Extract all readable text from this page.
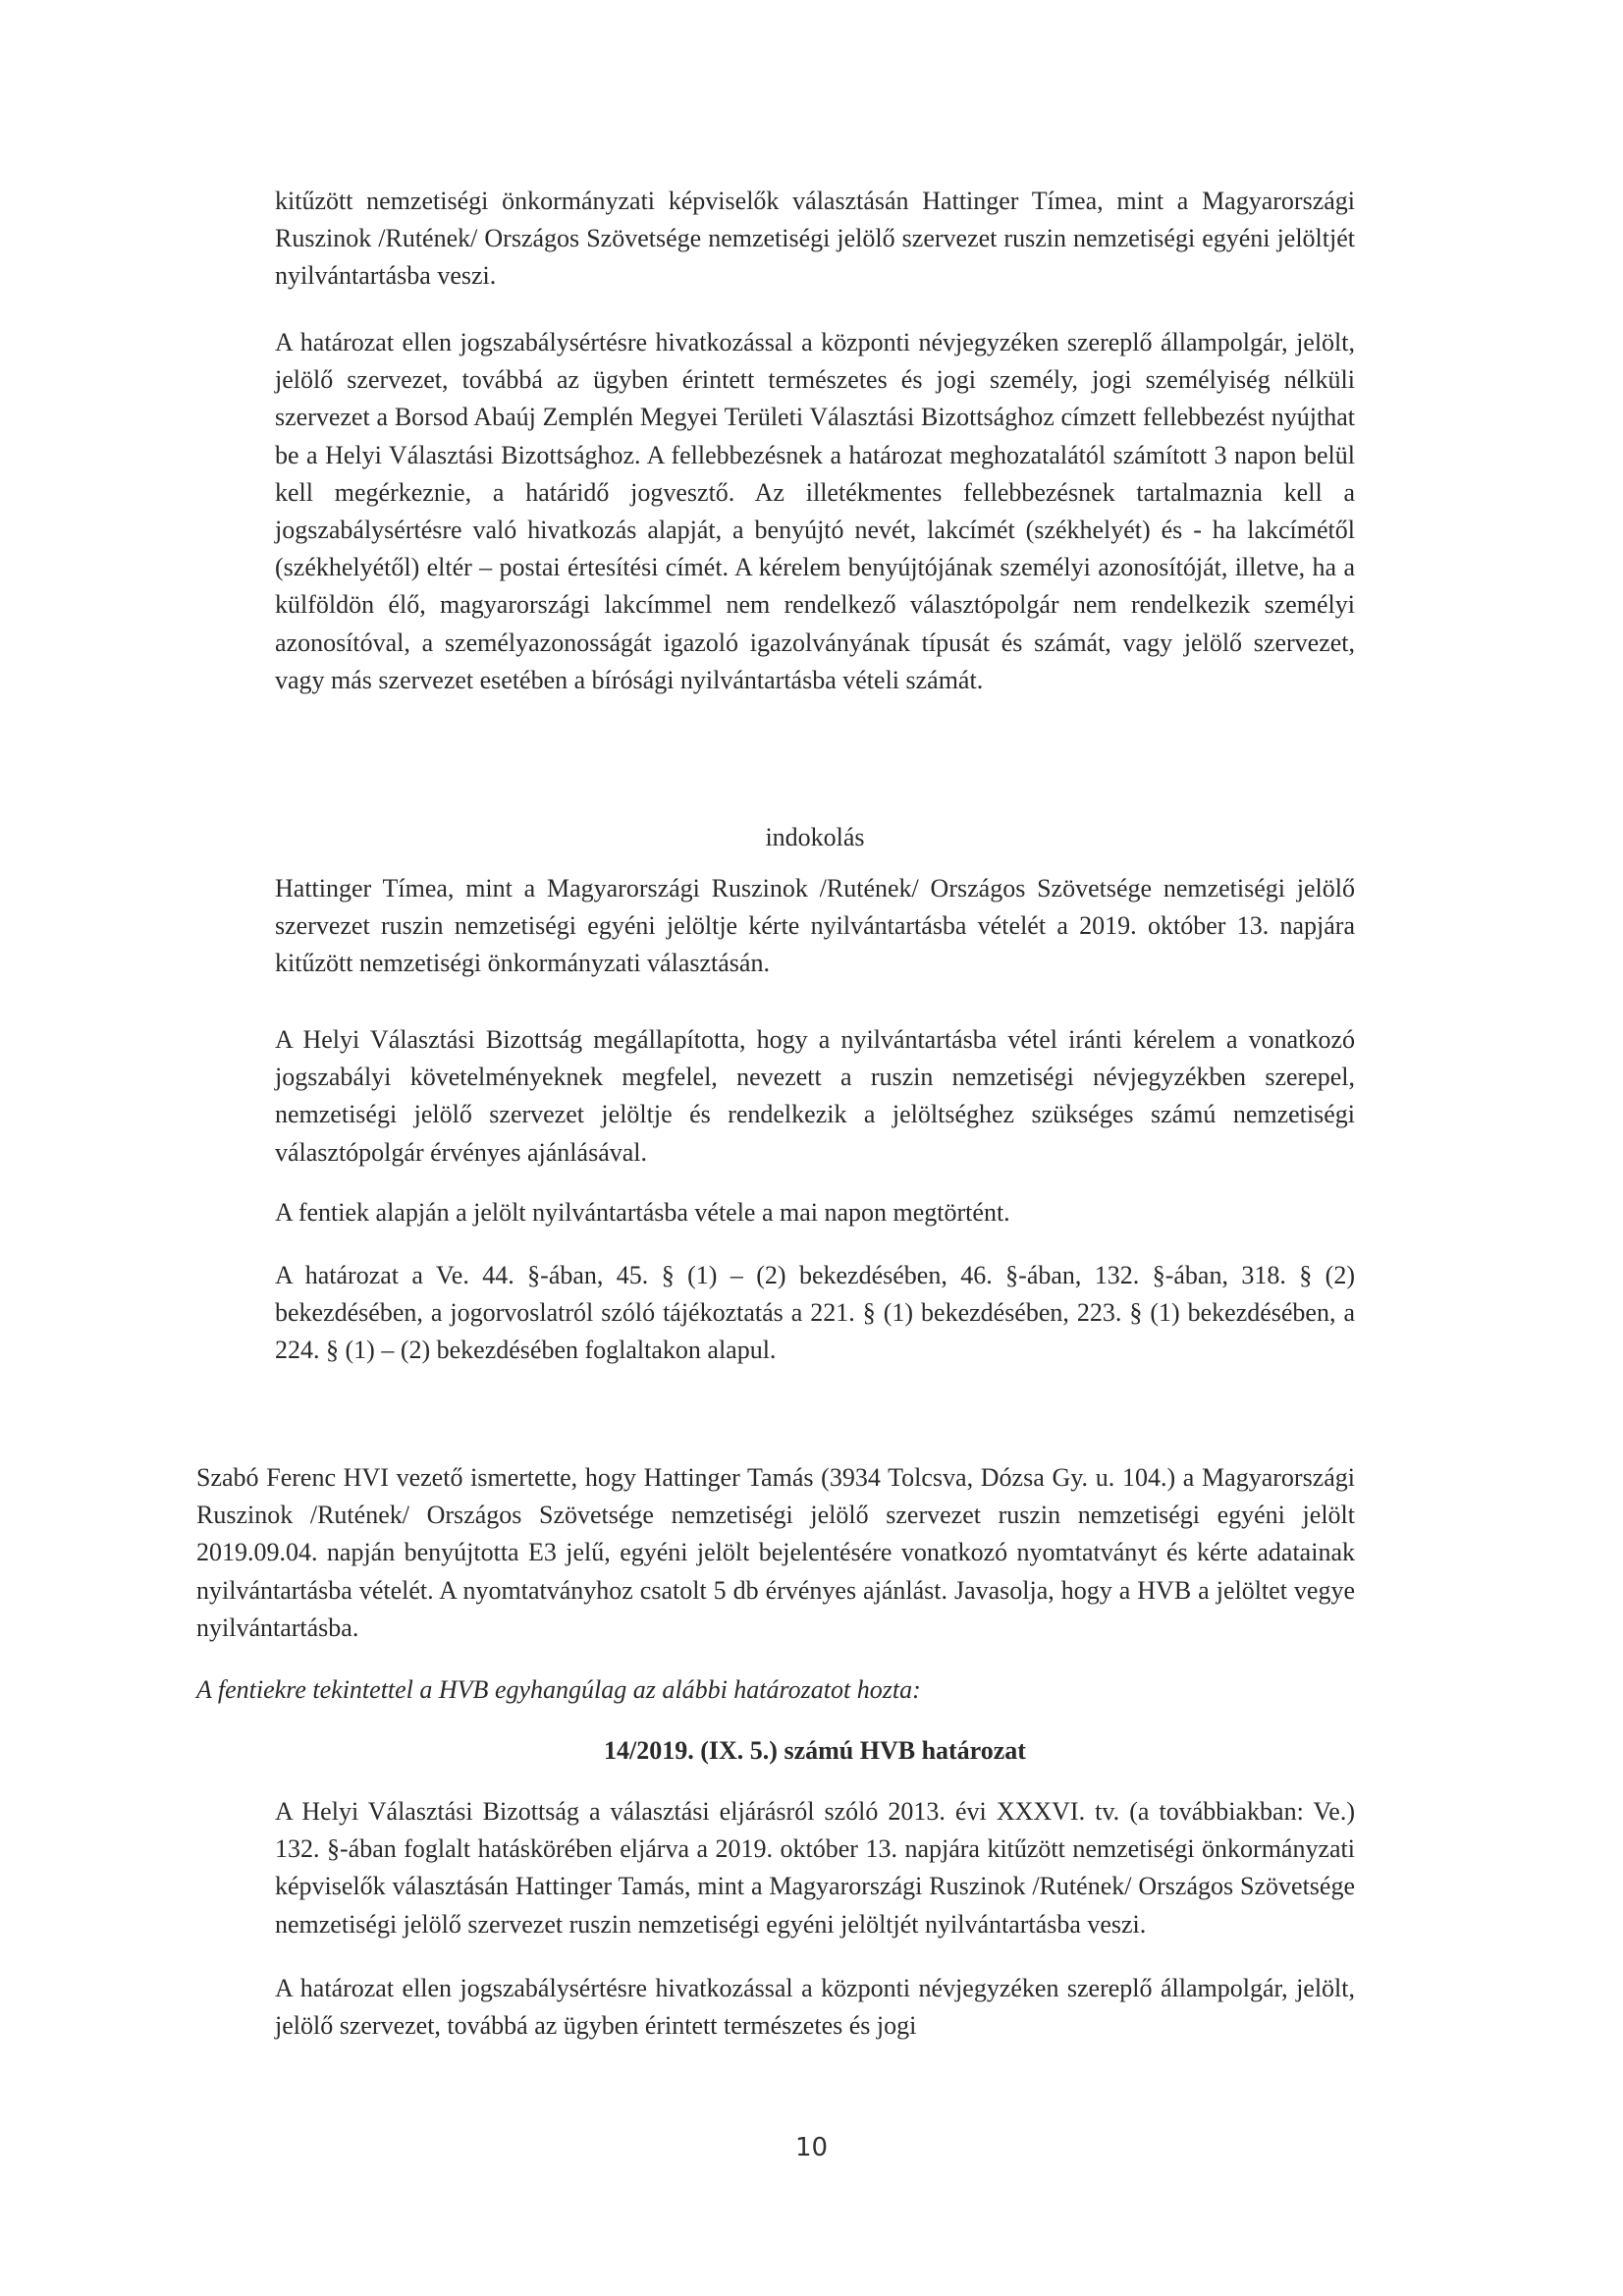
kitűzött nemzetiségi önkormányzati képviselők választásán Hattinger Tímea, mint a Magyarországi Ruszinok /Rutének/ Országos Szövetsége nemzetiségi jelölő szervezet ruszin nemzetiségi egyéni jelöltjét nyilvántartásba veszi.

A határozat ellen jogszabálysértésre hivatkozással a központi névjegyzéken szereplő állampolgár, jelölt, jelölő szervezet, továbbá az ügyben érintett természetes és jogi személy, jogi személyiség nélküli szervezet a Borsod Abaúj Zemplén Megyei Területi Választási Bizottsághoz címzett fellebbezést nyújthat be a Helyi Választási Bizottsághoz. A fellebbezésnek a határozat meghozatalától számított 3 napon belül kell megérkeznie, a határidő jogvesztő. Az illetékmentes fellebbezésnek tartalmaznia kell a jogszabálysértésre való hivatkozás alapját, a benyújtó nevét, lakcímét (székhelyét) és - ha lakcímétől (székhelyétől) eltér – postai értesítési címét. A kérelem benyújtójának személyi azonosítóját, illetve, ha a külföldön élő, magyarországi lakcímmel nem rendelkező választópolgár nem rendelkezik személyi azonosítóval, a személyazonosságát igazoló igazolványának típusát és számát, vagy jelölő szervezet, vagy más szervezet esetében a bírósági nyilvántartásba vételi számát.

indokolás

Hattinger Tímea, mint a Magyarországi Ruszinok /Rutének/ Országos Szövetsége nemzetiségi jelölő szervezet ruszin nemzetiségi egyéni jelöltje kérte nyilvántartásba vételét a 2019. október 13. napjára kitűzött nemzetiségi önkormányzati választásán.

A Helyi Választási Bizottság megállapította, hogy a nyilvántartásba vétel iránti kérelem a vonatkozó jogszabályi követelményeknek megfelel, nevezett a ruszin nemzetiségi névjegyzékben szerepel, nemzetiségi jelölő szervezet jelöltje és rendelkezik a jelöltséghez szükséges számú nemzetiségi választópolgár érvényes ajánlásával.

A fentiek alapján a jelölt nyilvántartásba vétele a mai napon megtörtént.

A határozat a Ve. 44. §-ában, 45. § (1) – (2) bekezdésében, 46. §-ában, 132. §-ában, 318. § (2) bekezdésében, a jogorvoslatról szóló tájékoztatás a 221. § (1) bekezdésében, 223. § (1) bekezdésében, a 224. § (1) – (2) bekezdésében foglaltakon alapul.

Szabó Ferenc HVI vezető ismertette, hogy Hattinger Tamás (3934 Tolcsva, Dózsa Gy. u. 104.) a Magyarországi Ruszinok /Rutének/ Országos Szövetsége nemzetiségi jelölő szervezet ruszin nemzetiségi egyéni jelölt 2019.09.04. napján benyújtotta E3 jelű, egyéni jelölt bejelentésére vonatkozó nyomtatványt és kérte adatainak nyilvántartásba vételét. A nyomtatványhoz csatolt 5 db érvényes ajánlást. Javasolja, hogy a HVB a jelöltet vegye nyilvántartásba.

A fentiekre tekintettel a HVB egyhangúlag az alábbi határozatot hozta:

14/2019. (IX. 5.) számú HVB határozat

A Helyi Választási Bizottság a választási eljárásról szóló 2013. évi XXXVI. tv. (a továbbiakban: Ve.) 132. §-ában foglalt hatáskörében eljárva a 2019. október 13. napjára kitűzött nemzetiségi önkormányzati képviselők választásán Hattinger Tamás, mint a Magyarországi Ruszinok /Rutének/ Országos Szövetsége nemzetiségi jelölő szervezet ruszin nemzetiségi egyéni jelöltjét nyilvántartásba veszi.

A határozat ellen jogszabálysértésre hivatkozással a központi névjegyzéken szereplő állampolgár, jelölt, jelölő szervezet, továbbá az ügyben érintett természetes és jogi

10
